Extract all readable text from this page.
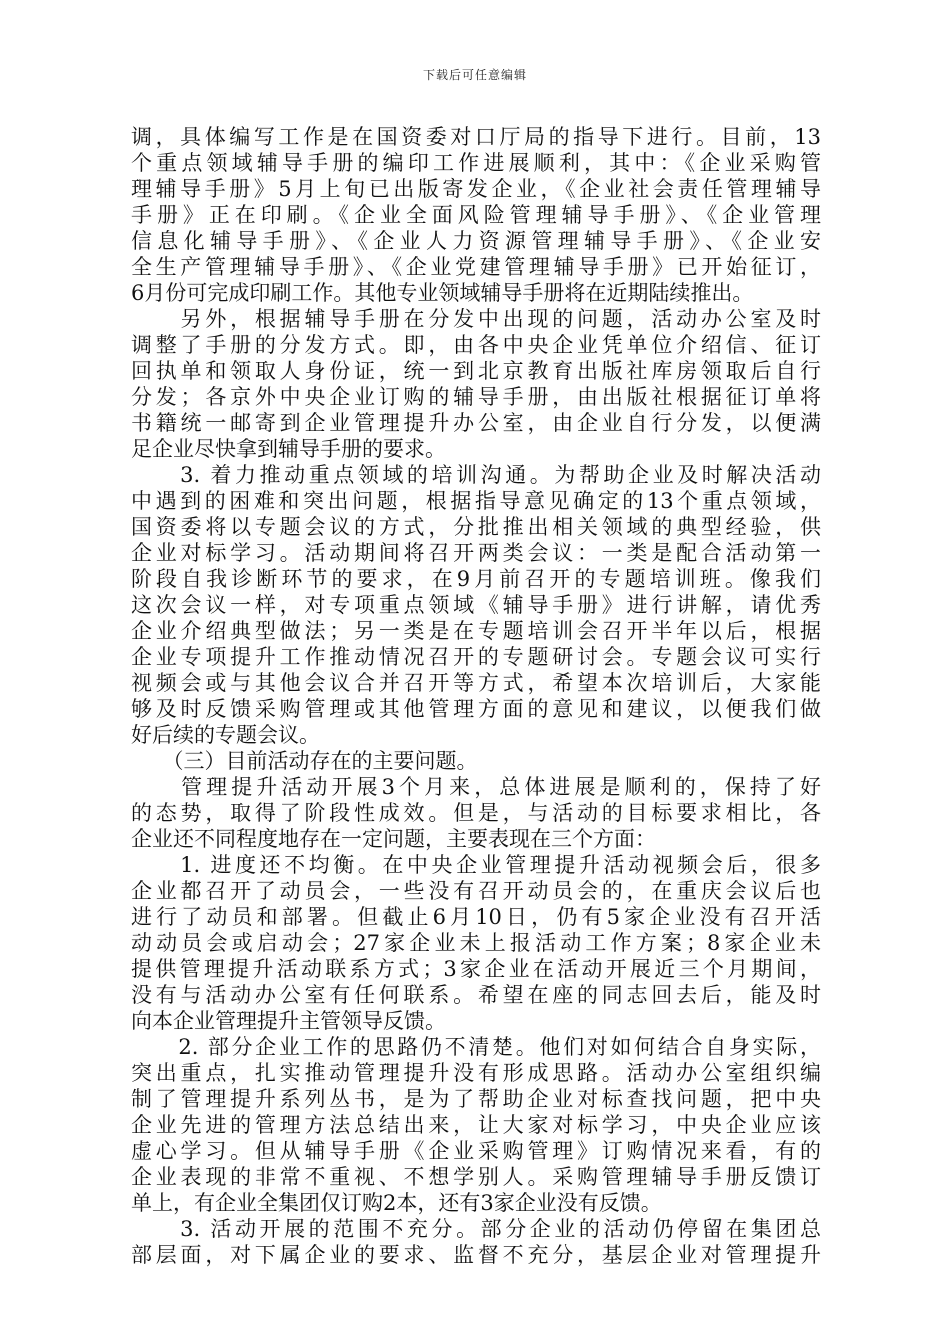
下载后可任意编辑
调，具体编写工作是在国资委对口厅局的指导下进行。目前，13
个重点领域辅导手册的编印工作进展顺利，其中：《企业采购管
理辅导手册》5月上旬已出版寄发企业，《企业社会责任管理辅导
手册》正在印刷。《企业全面风险管理辅导手册》、《企业管理
信息化辅导手册》、《企业人力资源管理辅导手册》、《企业安
全生产管理辅导手册》、《企业党建管理辅导手册》已开始征订，
6月份可完成印刷工作。其他专业领域辅导手册将在近期陆续推出。
　　另外，根据辅导手册在分发中出现的问题，活动办公室及时
调整了手册的分发方式。即，由各中央企业凭单位介绍信、征订
回执单和领取人身份证，统一到北京教育出版社库房领取后自行
分发；各京外中央企业订购的辅导手册，由出版社根据征订单将
书籍统一邮寄到企业管理提升办公室，由企业自行分发，以便满
足企业尽快拿到辅导手册的要求。
　　3. 着力推动重点领域的培训沟通。为帮助企业及时解决活动
中遇到的困难和突出问题，根据指导意见确定的13个重点领域，
国资委将以专题会议的方式，分批推出相关领域的典型经验，供
企业对标学习。活动期间将召开两类会议：一类是配合活动第一
阶段自我诊断环节的要求，在9月前召开的专题培训班。像我们
这次会议一样，对专项重点领域《辅导手册》进行讲解，请优秀
企业介绍典型做法；另一类是在专题培训会召开半年以后，根据
企业专项提升工作推动情况召开的专题研讨会。专题会议可实行
视频会或与其他会议合并召开等方式，希望本次培训后，大家能
够及时反馈采购管理或其他管理方面的意见和建议，以便我们做
好后续的专题会议。
　　（三）目前活动存在的主要问题。
　　管理提升活动开展3个月来，总体进展是顺利的，保持了好
的态势，取得了阶段性成效。但是，与活动的目标要求相比，各
企业还不同程度地存在一定问题，主要表现在三个方面：
　　1. 进度还不均衡。在中央企业管理提升活动视频会后，很多
企业都召开了动员会，一些没有召开动员会的，在重庆会议后也
进行了动员和部署。但截止6月10日，仍有5家企业没有召开活
动动员会或启动会；27家企业未上报活动工作方案；8家企业未
提供管理提升活动联系方式；3家企业在活动开展近三个月期间，
没有与活动办公室有任何联系。希望在座的同志回去后，能及时
向本企业管理提升主管领导反馈。
　　2. 部分企业工作的思路仍不清楚。他们对如何结合自身实际，
突出重点，扎实推动管理提升没有形成思路。活动办公室组织编
制了管理提升系列丛书，是为了帮助企业对标查找问题，把中央
企业先进的管理方法总结出来，让大家对标学习，中央企业应该
虚心学习。但从辅导手册《企业采购管理》订购情况来看，有的
企业表现的非常不重视、不想学别人。采购管理辅导手册反馈订
单上，有企业全集团仅订购2本，还有3家企业没有反馈。
　　3. 活动开展的范围不充分。部分企业的活动仍停留在集团总
部层面，对下属企业的要求、监督不充分，基层企业对管理提升
